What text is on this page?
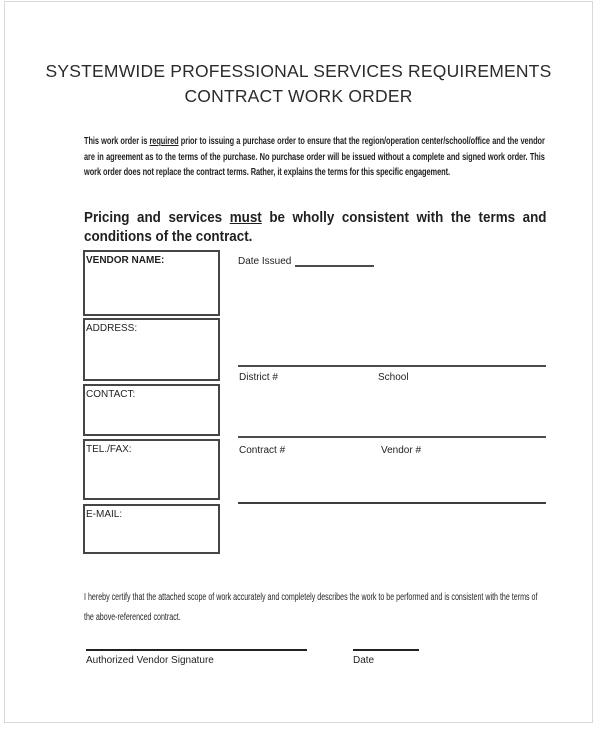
SYSTEMWIDE PROFESSIONAL SERVICES REQUIREMENTS
CONTRACT WORK ORDER

This work order is required prior to issuing a purchase order to ensure that the region/operation center/school/office and the vendor are in agreement as to the terms of the purchase. No purchase order will be issued without a complete and signed work order. This work order does not replace the contract terms. Rather, it explains the terms for this specific engagement.

Pricing and services must be wholly consistent with the terms and conditions of the contract.

VENDOR NAME:
ADDRESS:
CONTACT:
TEL./FAX:
E-MAIL:
Date Issued
District #	School
Contract #	Vendor #

I hereby certify that the attached scope of work accurately and completely describes the work to be performed and is consistent with the terms of the above-referenced contract.

Authorized Vendor Signature	Date
